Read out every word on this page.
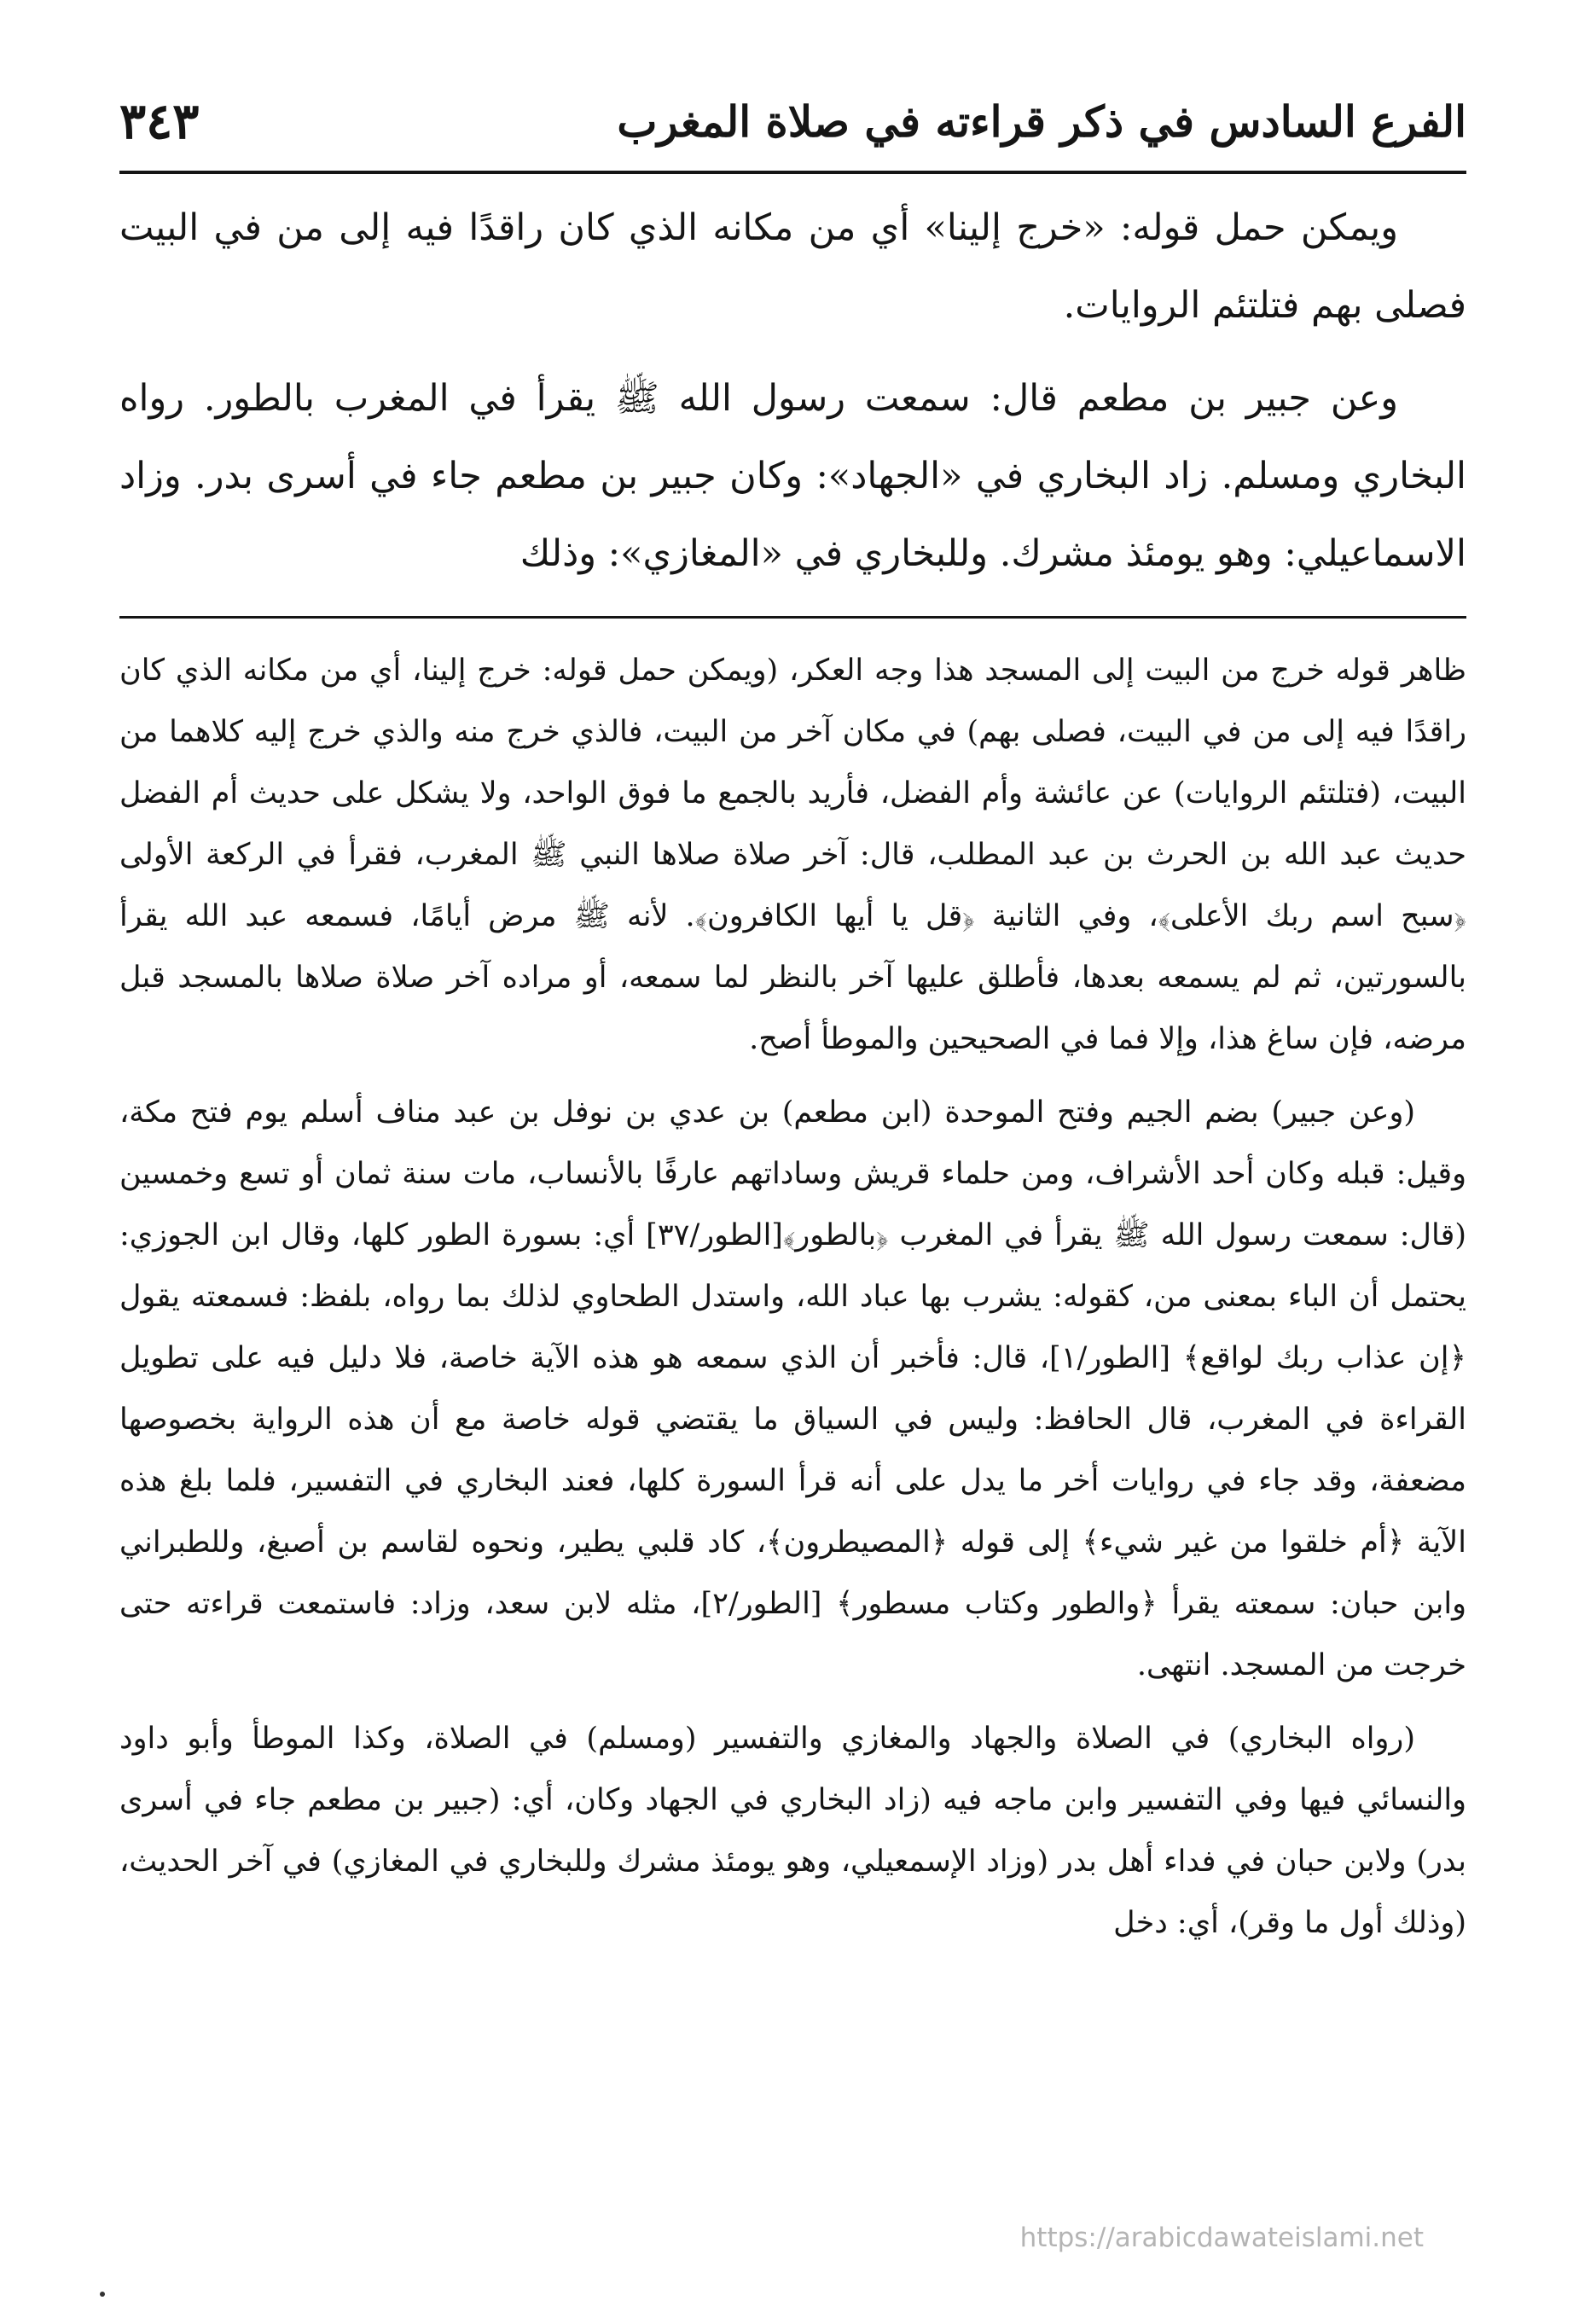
الفرع السادس في ذكر قراءته في صلاة المغرب
٣٤٣

ويمكن حمل قوله: «خرج إلينا» أي من مكانه الذي كان راقدًا فيه إلى من في البيت فصلى بهم فتلتئم الروايات.

وعن جبير بن مطعم قال: سمعت رسول الله ﷺ يقرأ في المغرب بالطور. رواه البخاري ومسلم. زاد البخاري في «الجهاد»: وكان جبير بن مطعم جاء في أسرى بدر. وزاد الاسماعيلي: وهو يومئذ مشرك. وللبخاري في «المغازي»: وذلك

ظاهر قوله خرج من البيت إلى المسجد هذا وجه العكر، (ويمكن حمل قوله: خرج إلينا، أي من مكانه الذي كان راقدًا فيه إلى من في البيت، فصلى بهم) في مكان آخر من البيت، فالذي خرج منه والذي خرج إليه كلاهما من البيت، (فتلتئم الروايات) عن عائشة وأم الفضل، فأريد بالجمع ما فوق الواحد، ولا يشكل على حديث أم الفضل حديث عبد الله بن الحرث بن عبد المطلب، قال: آخر صلاة صلاها النبي ﷺ المغرب، فقرأ في الركعة الأولى ﴿سبح اسم ربك الأعلى﴾، وفي الثانية ﴿قل يا أيها الكافرون﴾. لأنه ﷺ مرض أيامًا، فسمعه عبد الله يقرأ بالسورتين، ثم لم يسمعه بعدها، فأطلق عليها آخر بالنظر لما سمعه، أو مراده آخر صلاة صلاها بالمسجد قبل مرضه، فإن ساغ هذا، وإلا فما في الصحيحين والموطأ أصح.

(وعن جبير) بضم الجيم وفتح الموحدة (ابن مطعم) بن عدي بن نوفل بن عبد مناف أسلم يوم فتح مكة، وقيل: قبله وكان أحد الأشراف، ومن حلماء قريش وساداتهم عارفًا بالأنساب، مات سنة ثمان أو تسع وخمسين (قال: سمعت رسول الله ﷺ يقرأ في المغرب ﴿بالطور﴾[الطور/٣٧] أي: بسورة الطور كلها، وقال ابن الجوزي: يحتمل أن الباء بمعنى من، كقوله: يشرب بها عباد الله، واستدل الطحاوي لذلك بما رواه، بلفظ: فسمعته يقول ﴿إن عذاب ربك لواقع﴾ [الطور/١]، قال: فأخبر أن الذي سمعه هو هذه الآية خاصة، فلا دليل فيه على تطويل القراءة في المغرب، قال الحافظ: وليس في السياق ما يقتضي قوله خاصة مع أن هذه الرواية بخصوصها مضعفة، وقد جاء في روايات أخر ما يدل على أنه قرأ السورة كلها، فعند البخاري في التفسير، فلما بلغ هذه الآية ﴿أم خلقوا من غير شيء﴾ إلى قوله ﴿المصيطرون﴾، كاد قلبي يطير، ونحوه لقاسم بن أصبغ، وللطبراني وابن حبان: سمعته يقرأ ﴿والطور وكتاب مسطور﴾ [الطور/٢]، مثله لابن سعد، وزاد: فاستمعت قراءته حتى خرجت من المسجد. انتهى.

(رواه البخاري) في الصلاة والجهاد والمغازي والتفسير (ومسلم) في الصلاة، وكذا الموطأ وأبو داود والنسائي فيها وفي التفسير وابن ماجه فيه (زاد البخاري في الجهاد وكان، أي: (جبير بن مطعم جاء في أسرى بدر) ولابن حبان في فداء أهل بدر (وزاد الإسمعيلي، وهو يومئذ مشرك وللبخاري في المغازي) في آخر الحديث، (وذلك أول ما وقر)، أي: دخل

https://arabicdawateislami.net
